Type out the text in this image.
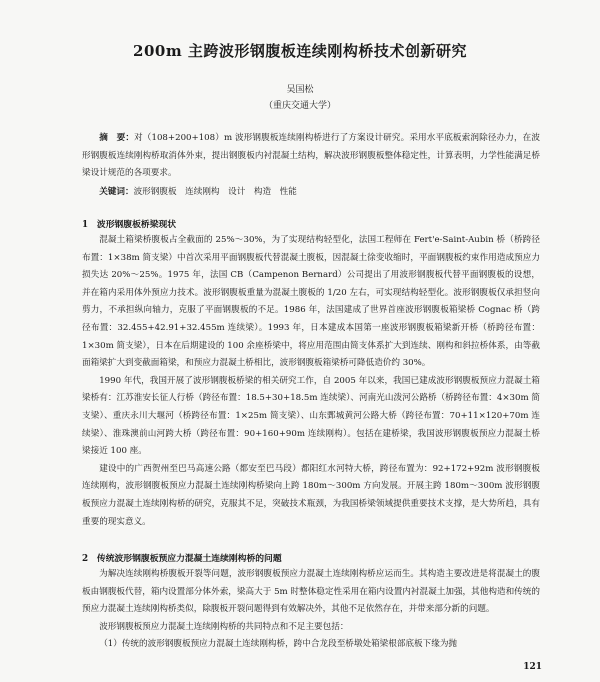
200m 主跨波形钢腹板连续刚构桥技术创新研究
吴国松
（重庆交通大学）
摘　要：对（108+200+108）m 波形钢腹板连续刚构桥进行了方案设计研究。采用水平底板索润除径办力，在波形钢腹板连续刚构桥取消体外束，提出钢腹板内衬混凝土结构，解决波形钢腹板整体稳定性，计算表明，力学性能满足桥梁设计规范的各项要求。
关键词：波形钢腹板　连续刚构　设计　构造　性能
1　波形钢腹板桥梁现状
混凝土箱梁桥腹板占全截面的 25%～30%，为了实现结构轻型化，法国工程师在 Fert'e-Saint-Aubin 桥（桥跨径布置：1×38m 简支梁）中首次采用平面钢腹板代替混凝土腹板，因混凝土徐变收缩时，平面钢腹板约束作用造成预应力损失达 20%～25%。1975 年，法国 CB（Campenon Bernard）公司提出了用波形钢腹板代替平面钢腹板的设想，并在箱内采用体外预应力技术。波形钢腹板重量为混凝土腹板的 1/20 左右，可实现结构轻型化。波形钢腹板仅承担竖向剪力，不承担纵向轴力，克服了平面钢腹板的不足。1986 年，法国建成了世界首座波形钢腹板箱梁桥 Cognac 桥（跨径布置：32.455+42.91+32.455m 连续梁）。1993 年，日本建成本国第一座波形钢腹板箱梁新开桥（桥跨径布置：1×30m 简支梁），日本在后期建设的 100 余座桥梁中，将应用范围由简支体系扩大到连续、刚构和斜拉桥体系，由等截面箱梁扩大到变截面箱梁，和预应力混凝土桥相比，波形钢腹板箱梁桥可降低造价约 30%。
1990 年代，我国开展了波形钢腹板桥梁的相关研究工作，自 2005 年以来，我国已建成波形钢腹板预应力混凝土箱梁桥有：江苏淮安长征人行桥（跨径布置：18.5+30+18.5m 连续梁）、河南光山泼河公路桥（桥跨径布置：4×30m 简支梁）、重庆永川大堰河（桥跨径布置：1×25m 简支梁）、山东鄄城黄河公路大桥（跨径布置：70+11×120+70m 连续梁）、淮珠澳前山河跨大桥（跨径布置：90+160+90m 连续刚构）。包括在建桥梁，我国波形钢腹板预应力混凝土桥梁接近 100 座。
建设中的广西贺州至巴马高速公路（都安至巴马段）都阳红水河特大桥，跨径布置为：92+172+92m 波形钢腹板连续刚构，波形钢腹板预应力混凝土连续刚构桥梁向上跨 180m～300m 方向发展。开展主跨 180m～300m 波形钢腹板预应力混凝土连续刚构桥的研究，克服其不足，突破技术瓶颈，为我国桥梁领域提供重要技术支撑，是大势所趋，具有重要的现实意义。
2　传统波形钢腹板预应力混凝土连续刚构桥的问题
为解决连续刚构桥腹板开裂等问题，波形钢腹板预应力混凝土连续刚构桥应运而生。其构造主要改进是将混凝土的腹板由钢腹板代替，箱内设置部分体外索，梁高大于 5m 时整体稳定性采用在箱内设置内衬混凝土加强，其他构造和传统的预应力混凝土连续刚构桥类似，除腹板开裂问题得到有效解决外，其他不足依然存在，并带来部分新的问题。
波形钢腹板预应力混凝土连续刚构桥的共同特点和不足主要包括：
（1）传统的波形钢腹板预应力混凝土连续刚构桥，跨中合龙段至桥墩处箱梁根部底板下缘为抛
121
